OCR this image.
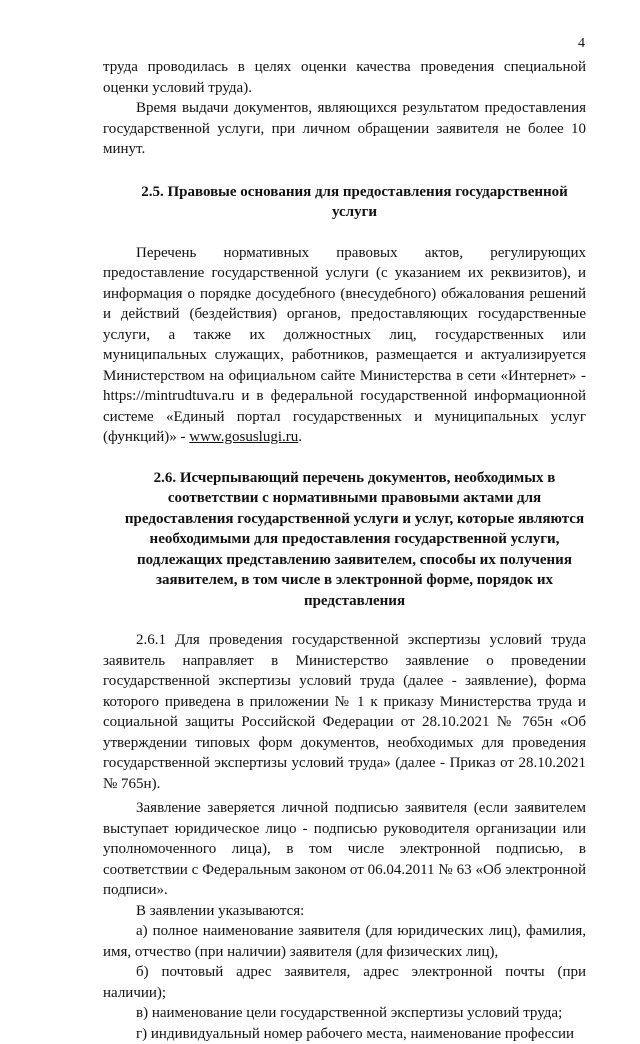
4

труда проводилась в целях оценки качества проведения специальной оценки условий труда).

Время выдачи документов, являющихся результатом предоставления государственной услуги, при личном обращении заявителя не более 10 минут.

2.5. Правовые основания для предоставления государственной услуги

Перечень нормативных правовых актов, регулирующих предоставление государственной услуги (с указанием их реквизитов), и информация о порядке досудебного (внесудебного) обжалования решений и действий (бездействия) органов, предоставляющих государственные услуги, а также их должностных лиц, государственных или муниципальных служащих, работников, размещается и актуализируется Министерством на официальном сайте Министерства в сети «Интернет» - https://mintrudtuva.ru и в федеральной государственной информационной системе «Единый портал государственных и муниципальных услуг (функций)» - www.gosuslugi.ru.

2.6. Исчерпывающий перечень документов, необходимых в соответствии с нормативными правовыми актами для предоставления государственной услуги и услуг, которые являются необходимыми для предоставления государственной услуги, подлежащих представлению заявителем, способы их получения заявителем, в том числе в электронной форме, порядок их представления

2.6.1 Для проведения государственной экспертизы условий труда заявитель направляет в Министерство заявление о проведении государственной экспертизы условий труда (далее - заявление), форма которого приведена в приложении № 1 к приказу Министерства труда и социальной защиты Российской Федерации от 28.10.2021 № 765н «Об утверждении типовых форм документов, необходимых для проведения государственной экспертизы условий труда» (далее - Приказ от 28.10.2021 № 765н).

Заявление заверяется личной подписью заявителя (если заявителем выступает юридическое лицо - подписью руководителя организации или уполномоченного лица), в том числе электронной подписью, в соответствии с Федеральным законом от 06.04.2011 № 63 «Об электронной подписи».

В заявлении указываются:

а) полное наименование заявителя (для юридических лиц), фамилия, имя, отчество (при наличии) заявителя (для физических лиц),

б) почтовый адрес заявителя, адрес электронной почты (при наличии);

в) наименование цели государственной экспертизы условий труда;

г) индивидуальный номер рабочего места, наименование профессии
